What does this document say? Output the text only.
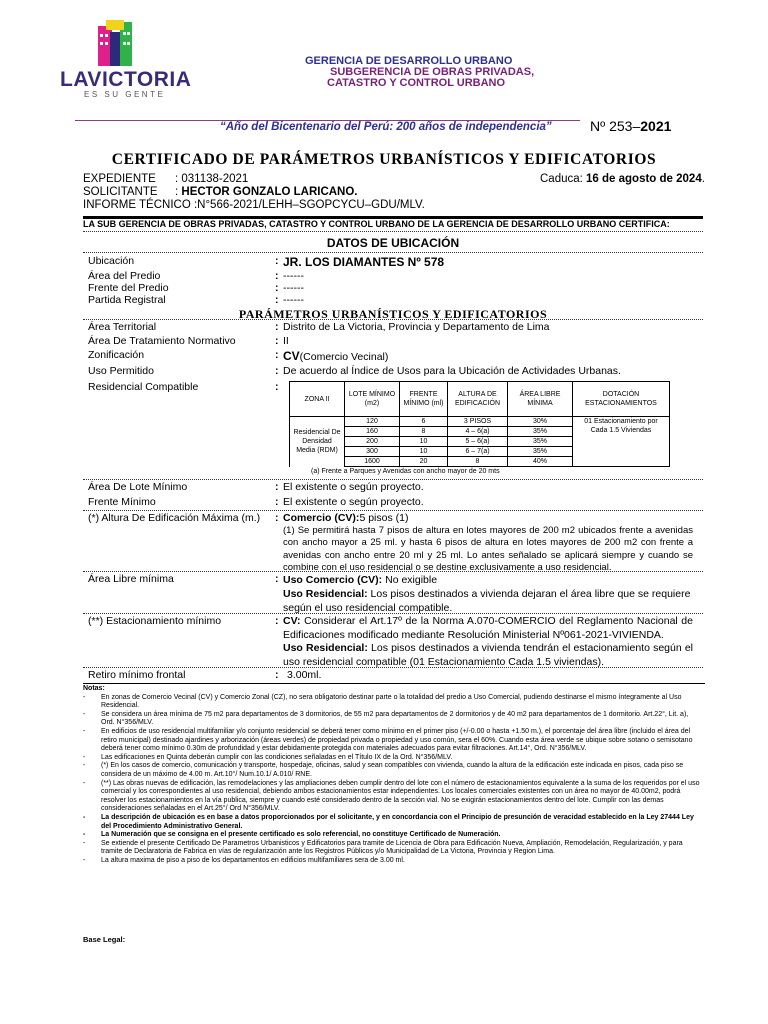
LAVICTORIA
ES SU GENTE
GERENCIA DE DESARROLLO URBANO
SUBGERENCIA DE OBRAS PRIVADAS,
CATASTRO Y CONTROL URBANO
“Año del Bicentenario del Perú: 200 años de independencia”	Nº 253–2021
CERTIFICADO DE PARÁMETROS URBANÍSTICOS Y EDIFICATORIOS
EXPEDIENTE : 031138-2021	Caduca: 16 de agosto de 2024.
SOLICITANTE : HECTOR GONZALO LARICANO.
INFORME TÉCNICO :N°566-2021/LEHH–SGOPCYCU–GDU/MLV.
LA SUB GERENCIA DE OBRAS PRIVADAS, CATASTRO Y CONTROL URBANO DE LA GERENCIA DE DESARROLLO URBANO CERTIFICA:
DATOS DE UBICACIÓN
Ubicación	: JR. LOS DIAMANTES Nº 578
Área del Predio	: ------
Frente del Predio	: ------
Partida Registral	: ------
PARÁMETROS URBANÍSTICOS Y EDIFICATORIOS
Área Territorial	: Distrito de La Victoria, Provincia y Departamento de Lima
Área De Tratamiento Normativo	: II
Zonificación	: CV(Comercio Vecinal)
Uso Permitido	: De acuerdo al Índice de Usos para la Ubicación de Actividades Urbanas.
Residencial Compatible	:
ZONA II	LOTE MÍNIMO (m2)	FRENTE MÍNIMO (ml)	ALTURA DE EDIFICACIÓN	ÁREA LIBRE MÍNIMA	DOTACIÓN ESTACIONAMIENTOS
Residencial De Densidad Media (RDM)	120	6	3 PISOS	30%	01 Estacionamiento por Cada 1.5 Viviendas
	160	8	4 – 6(a)	35%	
	200	10	5 – 6(a)	35%	
	300	10	6 – 7(a)	35%	
	1600	20	8	40%	
(a) Frente a Parques y Avenidas con ancho mayor de 20 mts
Área De Lote Mínimo	: El existente o según proyecto.
Frente Mínimo	: El existente o según proyecto.
(*) Altura De Edificación Máxima (m.) : Comercio (CV):5 pisos (1)
(1) Se permitirá hasta 7 pisos de altura en lotes mayores de 200 m2 ubicados frente a avenidas con ancho mayor a 25 ml. y hasta 6 pisos de altura en lotes mayores de 200 m2 con frente a avenidas con ancho entre 20 ml y 25 ml. Lo antes señalado se aplicará siempre y cuando se combine con el uso residencial o se destine exclusivamente a uso residencial.
Área Libre mínima	: Uso Comercio (CV): No exigible
Uso Residencial: Los pisos destinados a vivienda dejaran el área libre que se requiere según el uso residencial compatible.
(**) Estacionamiento mínimo	: CV: Considerar el Art.17º de la Norma A.070-COMERCIO del Reglamento Nacional de Edificaciones modificado mediante Resolución Ministerial Nº061-2021-VIVIENDA.
Uso Residencial: Los pisos destinados a vivienda tendrán el estacionamiento según el uso residencial compatible (01 Estacionamiento Cada 1.5 viviendas).
Retiro mínimo frontal	: 3.00ml.
Notas:
- En zonas de Comercio Vecinal (CV) y Comercio Zonal (CZ), no sera obligatorio destinar parte o la totalidad del predio a Uso Comercial, pudiendo destinarse el mismo íntegramente al Uso Residencial.
- Se considera un área mínima de 75 m2 para departamentos de 3 dormitorios, de 55 m2 para departamentos de 2 dormitorios y de 40 m2 para departamentos de 1 dormitorio. Art.22°, Lit. a), Ord. N°356/MLV.
- En edificios de uso residencial multifamiliar y/o conjunto residencial se deberá tener como mínimo en el primer piso (+/-0.00 o hasta +1.50 m.), el porcentaje del área libre (incluido el área del retiro municipal) destinado ajardines y arborización (áreas verdes) de propiedad privada o propiedad y uso común, sera el 60%. Cuando esta área verde se ubique sobre sotano o semisotano deberá tener como mínimo 0.30m de profundidad y estar debidamente protegida con materiales adecuados para evitar filtraciones. Art.14°, Ord. N°356/MLV.
- Las edificaciones en Quinta deberán cumplir con las condiciones señaladas en el Título IX de la Ord. N°356/MLV.
- (*) En los casos de comercio, comunicación y transporte, hospedaje, oficinas, salud y sean compatibles con vivienda, cuando la altura de la edificación este indicada en pisos, cada piso se considera de un máximo de 4.00 m. Art.10°/ Num.10.1/ A.010/ RNE.
- (**) Las obras nuevas de edificación, las remodelaciones y las ampliaciones deben cumplir dentro del lote con el número de estacionamientos equivalente a la suma de los requeridos por el uso comercial y los correspondientes al uso residencial, debiendo ambos estacionamientos estar independientes. Los locales comerciales existentes con un área no mayor de 40.00m2, podrá resolver los estacionamientos en la vía publica, siempre y cuando esté considerado dentro de la sección vial. No se exigirán estacionamientos dentro del lote. Cumplir con las demas consideraciones señaladas en el Art.25°/ Ord N°356/MLV.
- La descripción de ubicación es en base a datos proporcionados por el solicitante, y en concordancia con el Principio de presunción de veracidad establecido en la Ley 27444 Ley del Procedimiento Administrativo General.
- La Numeración que se consigna en el presente certificado es solo referencial, no constituye Certificado de Numeración.
- Se extiende el presente Certificado De Parametros Urbanisticos y Edificatorios para tramite de Licencia de Obra para Edificación Nueva, Ampliación, Remodelación, Regularización, y para tramite de Declaratoria de Fabrica en vías de regularización ante los Registros Públicos y/o Municipalidad de La Victoria, Provincia y Region Lima.
- La altura maxima de piso a piso de los departamentos en edificios multifamiliares sera de 3.00 ml.
Base Legal:
